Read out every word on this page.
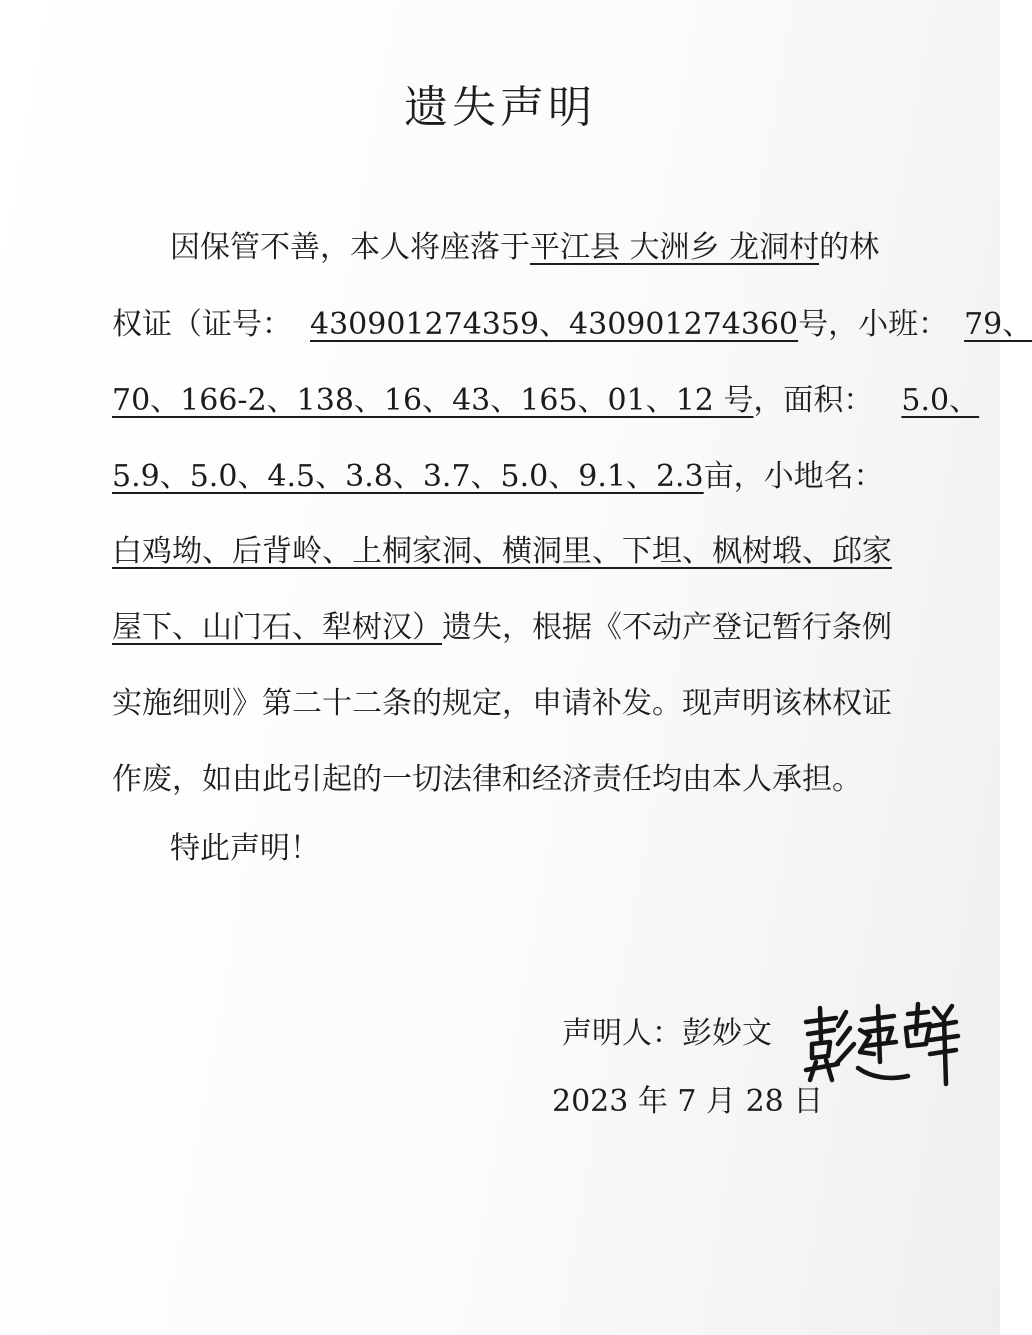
遗失声明
因保管不善，本人将座落于平江县 大洲乡 龙洞村的林
权证（证号： 430901274359、430901274360号，小班： 79、
70、166-2、138、16、43、165、01、12 号，面积： 5.0、
5.9、5.0、4.5、3.8、3.7、5.0、9.1、2.3亩，小地名：
白鸡坳、后背岭、上桐家洞、横洞里、下坦、枫树塅、邱家
屋下、山门石、犁树汉）遗失，根据《不动产登记暂行条例
实施细则》第二十二条的规定，申请补发。现声明该林权证
作废，如由此引起的一切法律和经济责任均由本人承担。
特此声明！
声明人：彭妙文
2023 年 7 月 28 日
